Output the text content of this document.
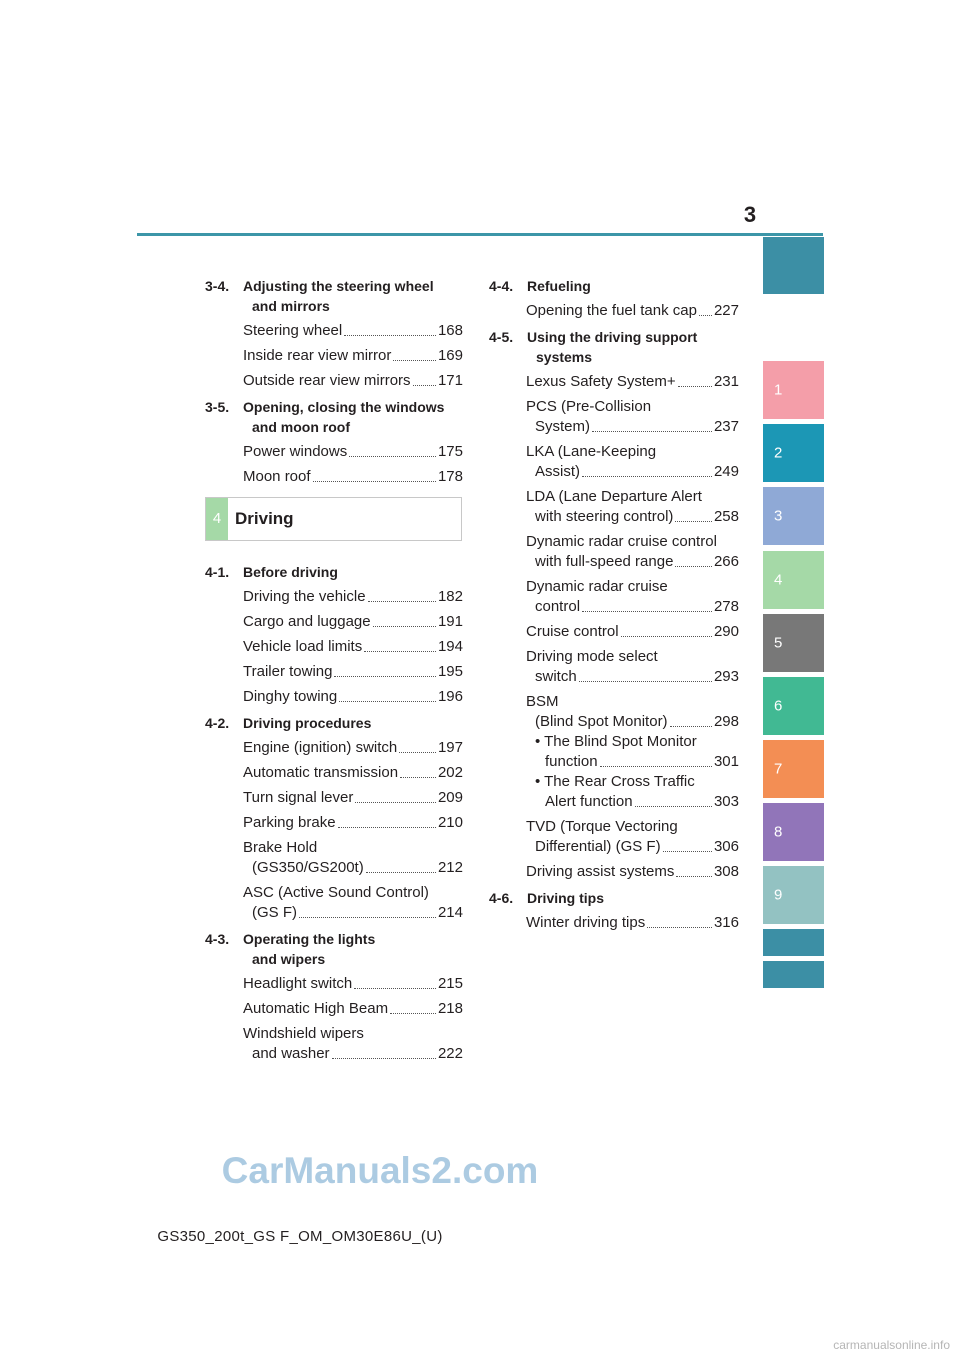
3
1
2
3
4
5
6
7
8
9
3-4. Adjusting the steering wheel
and mirrors
Steering wheel	168
Inside rear view mirror	169
Outside rear view mirrors 171
3-5. Opening, closing the windows
and moon roof
Power windows	175
Moon roof	178
4 Driving
4-1. Before driving
Driving the vehicle	182
Cargo and luggage	191
Vehicle load limits	194
Trailer towing	195
Dinghy towing	196
4-2. Driving procedures
Engine (ignition) switch	197
Automatic transmission	202
Turn signal lever	209
Parking brake	210
Brake Hold
(GS350/GS200t)	212
ASC (Active Sound Control)
(GS F)	214
4-3. Operating the lights
and wipers
Headlight switch	215
Automatic High Beam	218
Windshield wipers
and washer	222
4-4. Refueling
Opening the fuel tank cap 227
4-5. Using the driving support
systems
Lexus Safety System+	231
PCS (Pre-Collision
System)	237
LKA (Lane-Keeping
Assist)	249
LDA (Lane Departure Alert
with steering control)	258
Dynamic radar cruise control
with full-speed range	266
Dynamic radar cruise
control	278
Cruise control	290
Driving mode select
switch	293
BSM
(Blind Spot Monitor)	298
• The Blind Spot Monitor
function	301
• The Rear Cross Traffic
Alert function	303
TVD (Torque Vectoring
Differential) (GS F)	306
Driving assist systems	308
4-6. Driving tips
Winter driving tips	316
CarManuals2.com
GS350_200t_GS F_OM_OM30E86U_(U)
carmanualsonline.info
